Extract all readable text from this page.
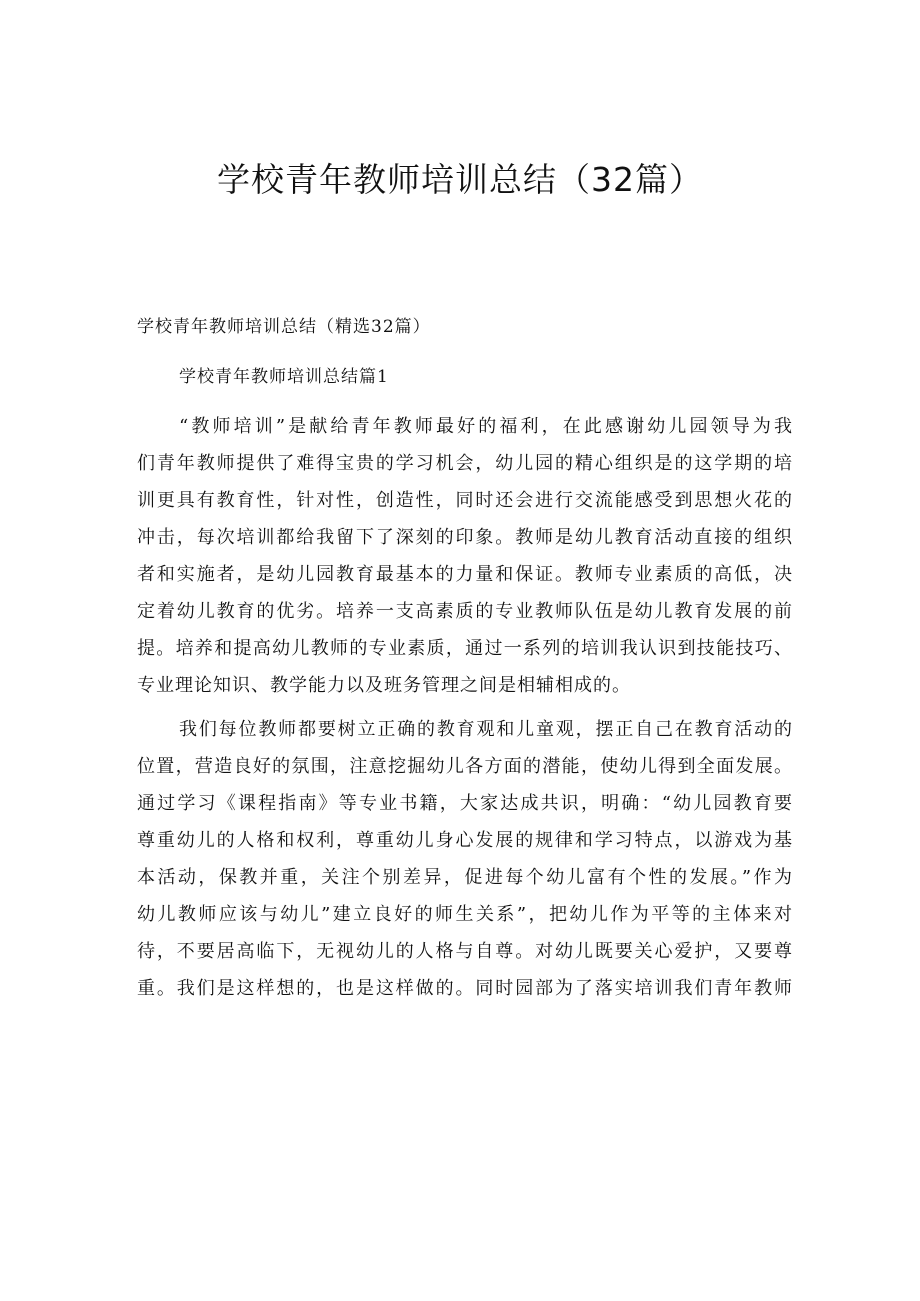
学校青年教师培训总结（32篇）
学校青年教师培训总结（精选32篇）
学校青年教师培训总结篇1

“教师培训”是献给青年教师最好的福利，在此感谢幼儿园领导为我
们青年教师提供了难得宝贵的学习机会，幼儿园的精心组织是的这学期的培
训更具有教育性，针对性，创造性，同时还会进行交流能感受到思想火花的
冲击，每次培训都给我留下了深刻的印象。教师是幼儿教育活动直接的组织
者和实施者，是幼儿园教育最基本的力量和保证。教师专业素质的高低，决
定着幼儿教育的优劣。培养一支高素质的专业教师队伍是幼儿教育发展的前
提。培养和提高幼儿教师的专业素质，通过一系列的培训我认识到技能技巧、
专业理论知识、教学能力以及班务管理之间是相辅相成的。

我们每位教师都要树立正确的教育观和儿童观，摆正自己在教育活动的
位置，营造良好的氛围，注意挖掘幼儿各方面的潜能，使幼儿得到全面发展。
通过学习《课程指南》等专业书籍，大家达成共识，明确：“幼儿园教育要
尊重幼儿的人格和权利，尊重幼儿身心发展的规律和学习特点，以游戏为基
本活动，保教并重，关注个别差异，促进每个幼儿富有个性的发展。”作为
幼儿教师应该与幼儿”建立良好的师生关系”，把幼儿作为平等的主体来对
待，不要居高临下，无视幼儿的人格与自尊。对幼儿既要关心爱护，又要尊
重。我们是这样想的，也是这样做的。同时园部为了落实培训我们青年教师
